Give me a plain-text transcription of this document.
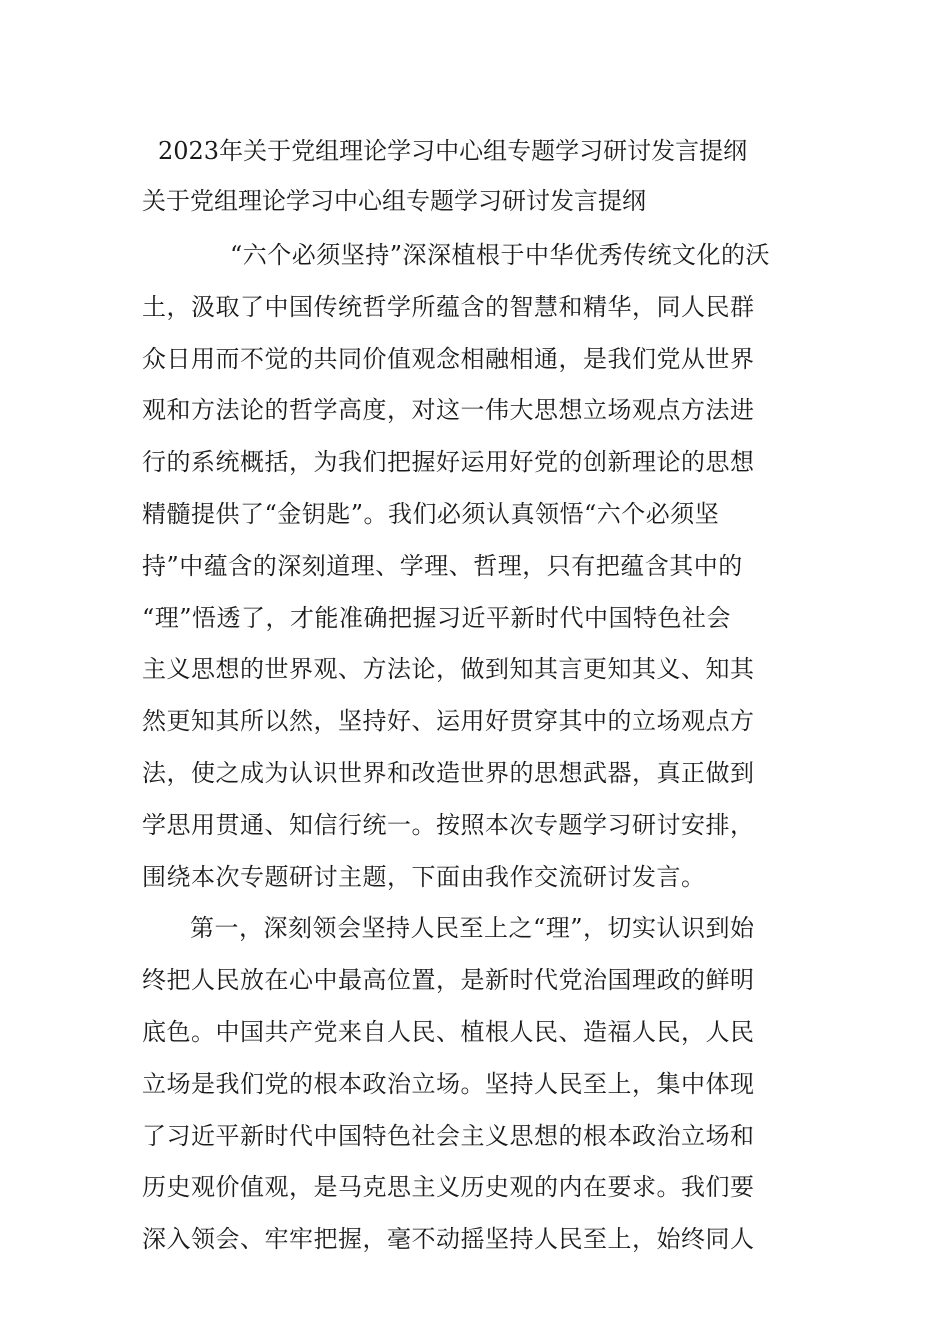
2023年关于党组理论学习中心组专题学习研讨发言提纲
关于党组理论学习中心组专题学习研讨发言提纲
“六个必须坚持”深深植根于中华优秀传统文化的沃
土，汲取了中国传统哲学所蕴含的智慧和精华，同人民群
众日用而不觉的共同价值观念相融相通，是我们党从世界
观和方法论的哲学高度，对这一伟大思想立场观点方法进
行的系统概括，为我们把握好运用好党的创新理论的思想
精髓提供了“金钥匙”。我们必须认真领悟“六个必须坚
持”中蕴含的深刻道理、学理、哲理，只有把蕴含其中的
“理”悟透了，才能准确把握习近平新时代中国特色社会
主义思想的世界观、方法论，做到知其言更知其义、知其
然更知其所以然，坚持好、运用好贯穿其中的立场观点方
法，使之成为认识世界和改造世界的思想武器，真正做到
学思用贯通、知信行统一。按照本次专题学习研讨安排，
围绕本次专题研讨主题，下面由我作交流研讨发言。
第一，深刻领会坚持人民至上之“理”，切实认识到始
终把人民放在心中最高位置，是新时代党治国理政的鲜明
底色。中国共产党来自人民、植根人民、造福人民，人民
立场是我们党的根本政治立场。坚持人民至上，集中体现
了习近平新时代中国特色社会主义思想的根本政治立场和
历史观价值观，是马克思主义历史观的内在要求。我们要
深入领会、牢牢把握，毫不动摇坚持人民至上，始终同人
